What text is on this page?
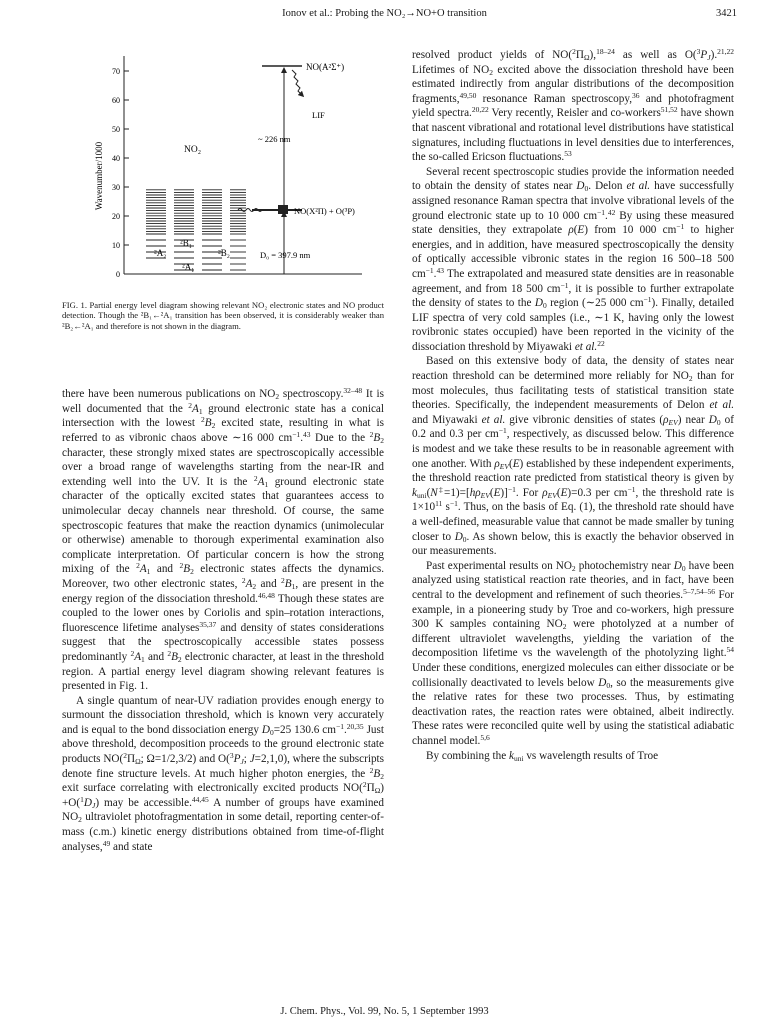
Ionov et al.: Probing the NO₂→NO+O transition	3421
Wavenumber/1000
0
10
20
30
40
50
60
70
²A₁
NO₂
²A₂
²B₁
²B₂
NO(A²Σ⁺)
~ 226 nm
LIF
NO(X²Π) + O(³P)
D₀ = 397.9 nm

FIG. 1. Partial energy level diagram showing relevant NO₂ electronic states and NO product detection. Though the ²B₁←²A₁ transition has been observed, it is considerably weaker than ²B₂←²A₁ and therefore is not shown in the diagram.

there have been numerous publications on $NO_2$ spectroscopy.$^{32-48}$ It is well documented that the $^2A_1$ ground electronic state has a conical intersection with the lowest $^2B_2$ excited state, resulting in what is referred to as vibronic chaos above ∼16 000 $cm^{-1}.^{43}$ Due to the $^2B_2$ character, these strongly mixed states are spectroscopically accessible over a broad range of wavelengths starting from the near-IR and extending well into the UV. It is the $^2A_1$ ground electronic state character of the optically excited states that guarantees access to unimolecular decay channels near threshold. Of course, the same spectroscopic features that make the reaction dynamics (unimolecular or otherwise) amenable to thorough experimental examination also complicate interpretation. Of particular concern is how the strong mixing of the $^2A_1$ and $^2B_2$ electronic states affects the dynamics. Moreover, two other electronic states, $^2A_2$ and $^2B_1$, are present in the energy region of the dissociation threshold.$^{46,48}$ Though these states are coupled to the lower ones by Coriolis and spin–rotation interactions, fluorescence lifetime analyses$^{35,37}$ and density of states considerations suggest that the spectroscopically accessible states possess predominantly $^2A_1$ and $^2B_2$ electronic character, at least in the threshold region. A partial energy level diagram showing relevant features is presented in Fig. 1.

A single quantum of near-UV radiation provides enough energy to surmount the dissociation threshold, which is known very accurately and is equal to the bond dissociation energy $D_0=25$ 130.6 $cm^{-1}.^{20,35}$ Just above threshold, decomposition proceeds to the ground electronic state products $NO(^2\Pi_\Omega$; Ω=1/2,3/2) and $O(^3P_J$; J=2,1,0), where the subscripts denote fine structure levels. At much higher photon energies, the $^2B_2$ exit surface correlating with electronically excited products $NO(^2\Pi_\Omega) +O(^1D_J)$ may be accessible.$^{44,45}$ A number of groups have examined $NO_2$ ultraviolet photofragmentation in some detail, reporting center-of-mass (c.m.) kinetic energy distributions obtained from time-of-flight analyses,$^{49}$ and state

resolved product yields of $NO(^2\Pi_\Omega),^{18-24}$ as well as $O(^3P_J).^{21,22}$ Lifetimes of $NO_2$ excited above the dissociation threshold have been estimated indirectly from angular distributions of the decomposition fragments,$^{49,50}$ resonance Raman spectroscopy,$^{36}$ and photofragment yield spectra.$^{20,22}$ Very recently, Reisler and co-workers$^{51,52}$ have shown that nascent vibrational and rotational level distributions have statistical signatures, including fluctuations in level densities due to interferences, the so-called Ericson fluctuations.$^{53}$

Several recent spectroscopic studies provide the information needed to obtain the density of states near $D_0$. Delon et al. have successfully assigned resonance Raman spectra that involve vibrational levels of the ground electronic state up to 10 000 $cm^{-1}.^{42}$ By using these measured state densities, they extrapolate ρ(E) from 10 000 $cm^{-1}$ to higher energies, and in addition, have measured spectroscopically the density of optically accessible vibronic states in the region 16 500–18 500 $cm^{-1}.^{43}$ The extrapolated and measured state densities are in reasonable agreement, and from 18 500 $cm^{-1}$, it is possible to further extrapolate the density of states to the $D_0$ region (∼25 000 $cm^{-1}$). Finally, detailed LIF spectra of very cold samples (i.e., ∼1 K, having only the lowest rovibronic states occupied) have been reported in the vicinity of the dissociation threshold by Miyawaki et al.$^{22}$

Based on this extensive body of data, the density of states near reaction threshold can be determined more reliably for $NO_2$ than for most molecules, thus facilitating tests of statistical transition state theories. Specifically, the independent measurements of Delon et al. and Miyawaki et al. give vibronic densities of states $(\rho_{EV})$ near $D_0$ of 0.2 and 0.3 per $cm^{-1}$, respectively, as discussed below. This difference is modest and we take these results to be in reasonable agreement with one another. With $\rho_{EV}(E)$ established by these independent experiments, the threshold reaction rate predicted from statistical theory is given by $k_{uni}(N^\ddagger=1)=[h\rho_{EV}(E)]^{-1}$. For $\rho_{EV}(E)=0.3$ per $cm^{-1}$, the threshold rate is $1\times 10^{11}$ $s^{-1}$. Thus, on the basis of Eq. (1), the threshold rate should have a well-defined, measurable value that cannot be made smaller by tuning closer to $D_0$. As shown below, this is exactly the behavior observed in our measurements.

Past experimental results on $NO_2$ photochemistry near $D_0$ have been analyzed using statistical reaction rate theories, and in fact, have been central to the development and refinement of such theories.$^{5-7,54-56}$ For example, in a pioneering study by Troe and co-workers, high pressure 300 K samples containing $NO_2$ were photolyzed at a number of different ultraviolet wavelengths, yielding the variation of the decomposition lifetime vs the wavelength of the photolyzing light.$^{54}$ Under these conditions, energized molecules can either dissociate or be collisionally deactivated to levels below $D_0$, so the measurements give the relative rates for these two processes. Thus, by estimating deactivation rates, the reaction rates were obtained, albeit indirectly. These rates were reconciled quite well by using the statistical adiabatic channel model.$^{5,6}$

By combining the $k_{uni}$ vs wavelength results of Troe

J. Chem. Phys., Vol. 99, No. 5, 1 September 1993
